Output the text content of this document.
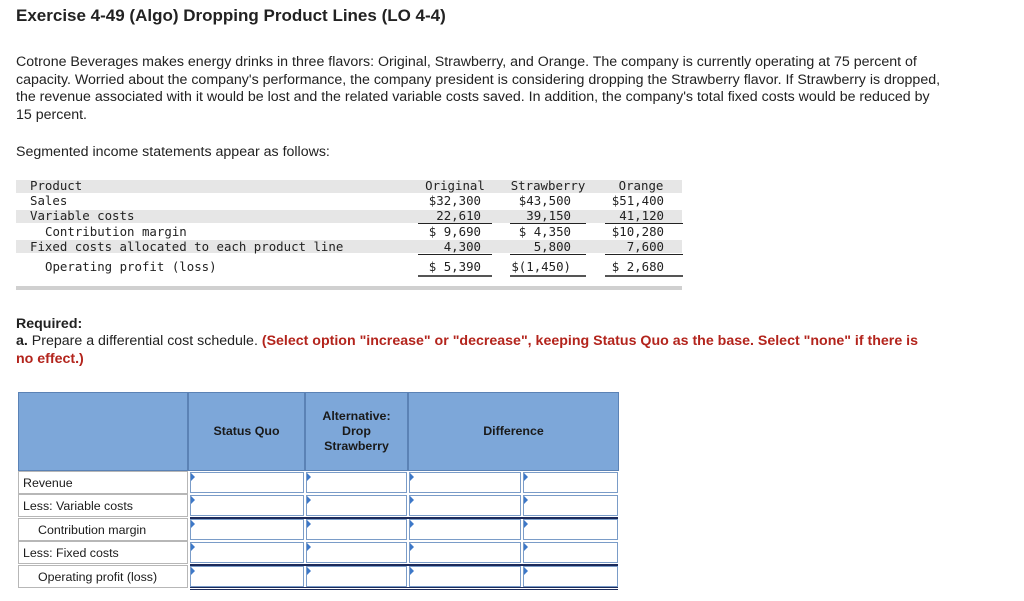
Exercise 4-49 (Algo) Dropping Product Lines (LO 4-4)
Cotrone Beverages makes energy drinks in three flavors: Original, Strawberry, and Orange. The company is currently operating at 75 percent of capacity. Worried about the company's performance, the company president is considering dropping the Strawberry flavor. If Strawberry is dropped, the revenue associated with it would be lost and the related variable costs saved. In addition, the company's total fixed costs would be reduced by 15 percent.
Segmented income statements appear as follows:
Product	Original	Strawberry	Orange
Sales	$32,300	$43,500	$51,400
Variable costs	22,610	39,150	41,120
Contribution margin	$ 9,690	$ 4,350	$10,280
Fixed costs allocated to each product line	4,300	5,800	7,600
Operating profit (loss)	$ 5,390 $(1,450)	$ 2,680
Required:
a. Prepare a differential cost schedule. (Select option "increase" or "decrease", keeping Status Quo as the base. Select "none" if there is no effect.)
Status Quo
Alternative: Drop Strawberry
Difference
Revenue
Less: Variable costs
Contribution margin
Less: Fixed costs
Operating profit (loss)
